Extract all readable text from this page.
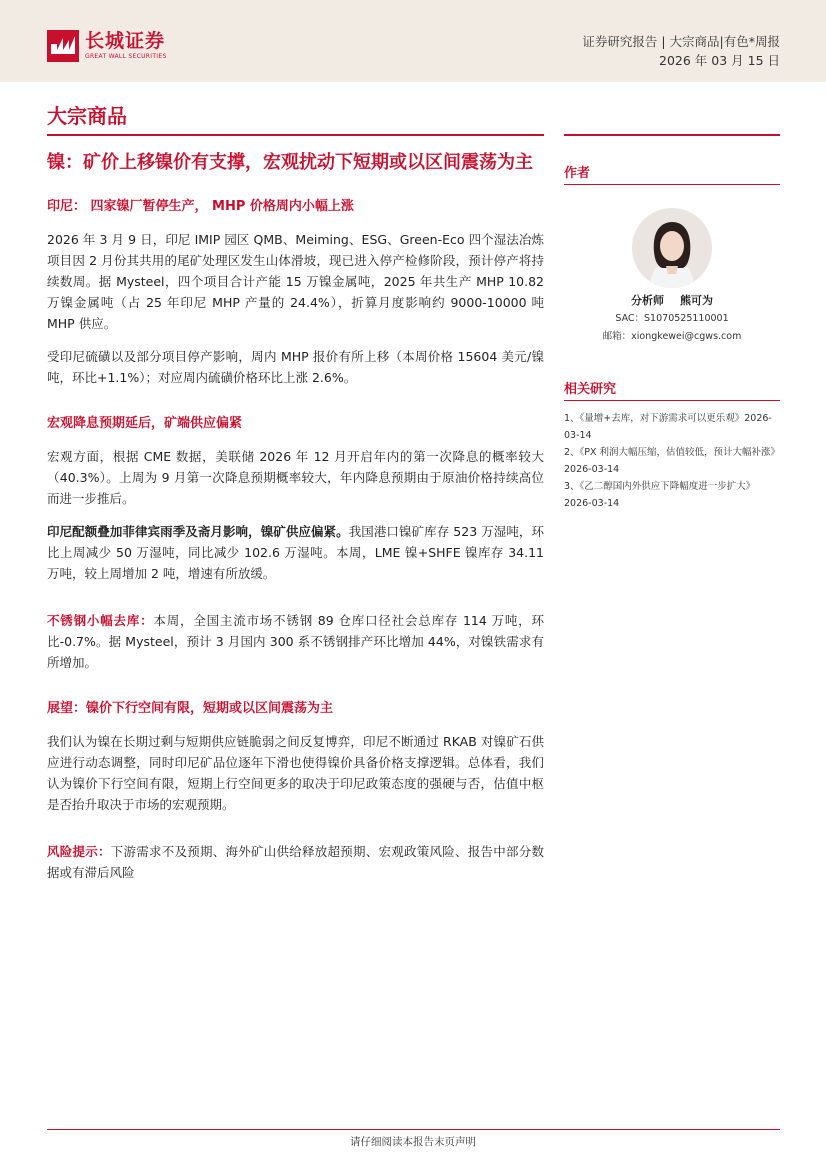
长城证券
GREAT WALL SECURITIES
证券研究报告 | 大宗商品|有色*周报
2026 年 03 月 15 日
大宗商品
镍：矿价上移镍价有支撑，宏观扰动下短期或以区间震荡为主
印尼： 四家镍厂暂停生产， MHP 价格周内小幅上涨

2026 年 3 月 9 日，印尼 IMIP 园区 QMB、Meiming、ESG、Green-Eco 四个湿法冶炼项目因 2 月份其共用的尾矿处理区发生山体滑坡，现已进入停产检修阶段，预计停产将持续数周。据 Mysteel，四个项目合计产能 15 万镍金属吨，2025 年共生产 MHP 10.82 万镍金属吨（占 25 年印尼 MHP 产量的 24.4%），折算月度影响约 9000-10000 吨 MHP 供应。

受印尼硫磺以及部分项目停产影响，周内 MHP 报价有所上移（本周价格 15604 美元/镍吨，环比+1.1%）；对应周内硫磺价格环比上涨 2.6%。

宏观降息预期延后，矿端供应偏紧

宏观方面，根据 CME 数据，美联储 2026 年 12 月开启年内的第一次降息的概率较大（40.3%）。上周为 9 月第一次降息预期概率较大，年内降息预期由于原油价格持续高位而进一步推后。

印尼配额叠加菲律宾雨季及斋月影响，镍矿供应偏紧。我国港口镍矿库存 523 万湿吨，环比上周减少 50 万湿吨，同比减少 102.6 万湿吨。本周，LME 镍+SHFE 镍库存 34.11 万吨，较上周增加 2 吨，增速有所放缓。

不锈钢小幅去库：本周，全国主流市场不锈钢 89 仓库口径社会总库存 114 万吨，环比-0.7%。据 Mysteel，预计 3 月国内 300 系不锈钢排产环比增加 44%，对镍铁需求有所增加。

展望：镍价下行空间有限，短期或以区间震荡为主

我们认为镍在长期过剩与短期供应链脆弱之间反复博弈，印尼不断通过 RKAB 对镍矿石供应进行动态调整，同时印尼矿品位逐年下滑也使得镍价具备价格支撑逻辑。总体看，我们认为镍价下行空间有限，短期上行空间更多的取决于印尼政策态度的强硬与否，估值中枢是否抬升取决于市场的宏观预期。

风险提示：下游需求不及预期、海外矿山供给释放超预期、宏观政策风险、报告中部分数据或有滞后风险

作者
分析师 熊可为
SAC：S1070525110001
邮箱：xiongkewei@cgws.com
相关研究
1、《量增+去库，对下游需求可以更乐观》2026-03-14
2、《PX 利润大幅压缩，估值较低，预计大幅补涨》2026-03-14
3、《乙二醇国内外供应下降幅度进一步扩大》2026-03-14
请仔细阅读本报告末页声明
